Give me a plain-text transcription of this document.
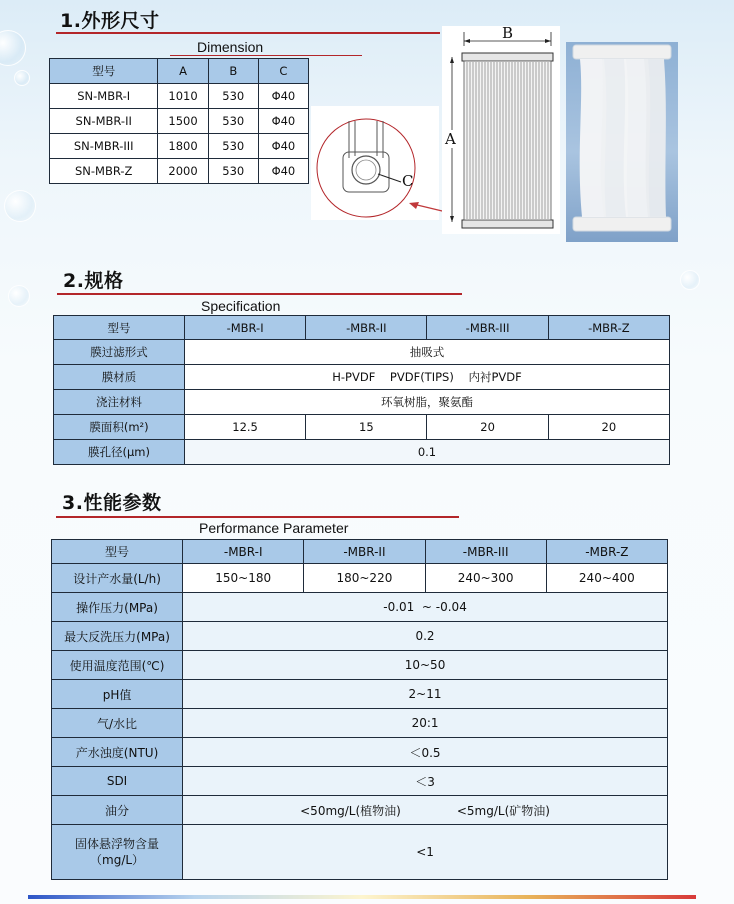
1.外形尺寸
Dimension
型号	A	B	C
SN-MBR-I	1010	530	Φ40
SN-MBR-II	1500	530	Φ40
SN-MBR-III	1800	530	Φ40
SN-MBR-Z	2000	530	Φ40
C
B
A
2.规格
Specification
型号	-MBR-I	-MBR-II	-MBR-III	-MBR-Z
膜过滤形式	抽吸式			
膜材质	H-PVDF    PVDF(TIPS)    内衬PVDF			
浇注材料	环氧树脂，聚氨酯			
膜面积(m²)	12.5	15	20	20
膜孔径(μm)	0.1			
3.性能参数
Performance Parameter
型号	-MBR-I	-MBR-II	-MBR-III	-MBR-Z
设计产水量(L/h)	150~180	180~220	240~300	240~400
操作压力(MPa)	-0.01  ~ -0.04			
最大反洗压力(MPa)	0.2			
使用温度范围(℃)	10~50			
pH值	2~11			
气/水比	20:1			
产水浊度(NTU)	＜0.5			
SDI	＜3			
油分	<50mg/L(植物油) <5mg/L(矿物油)			

固体悬浮物含量
（mg/L）	<1			
